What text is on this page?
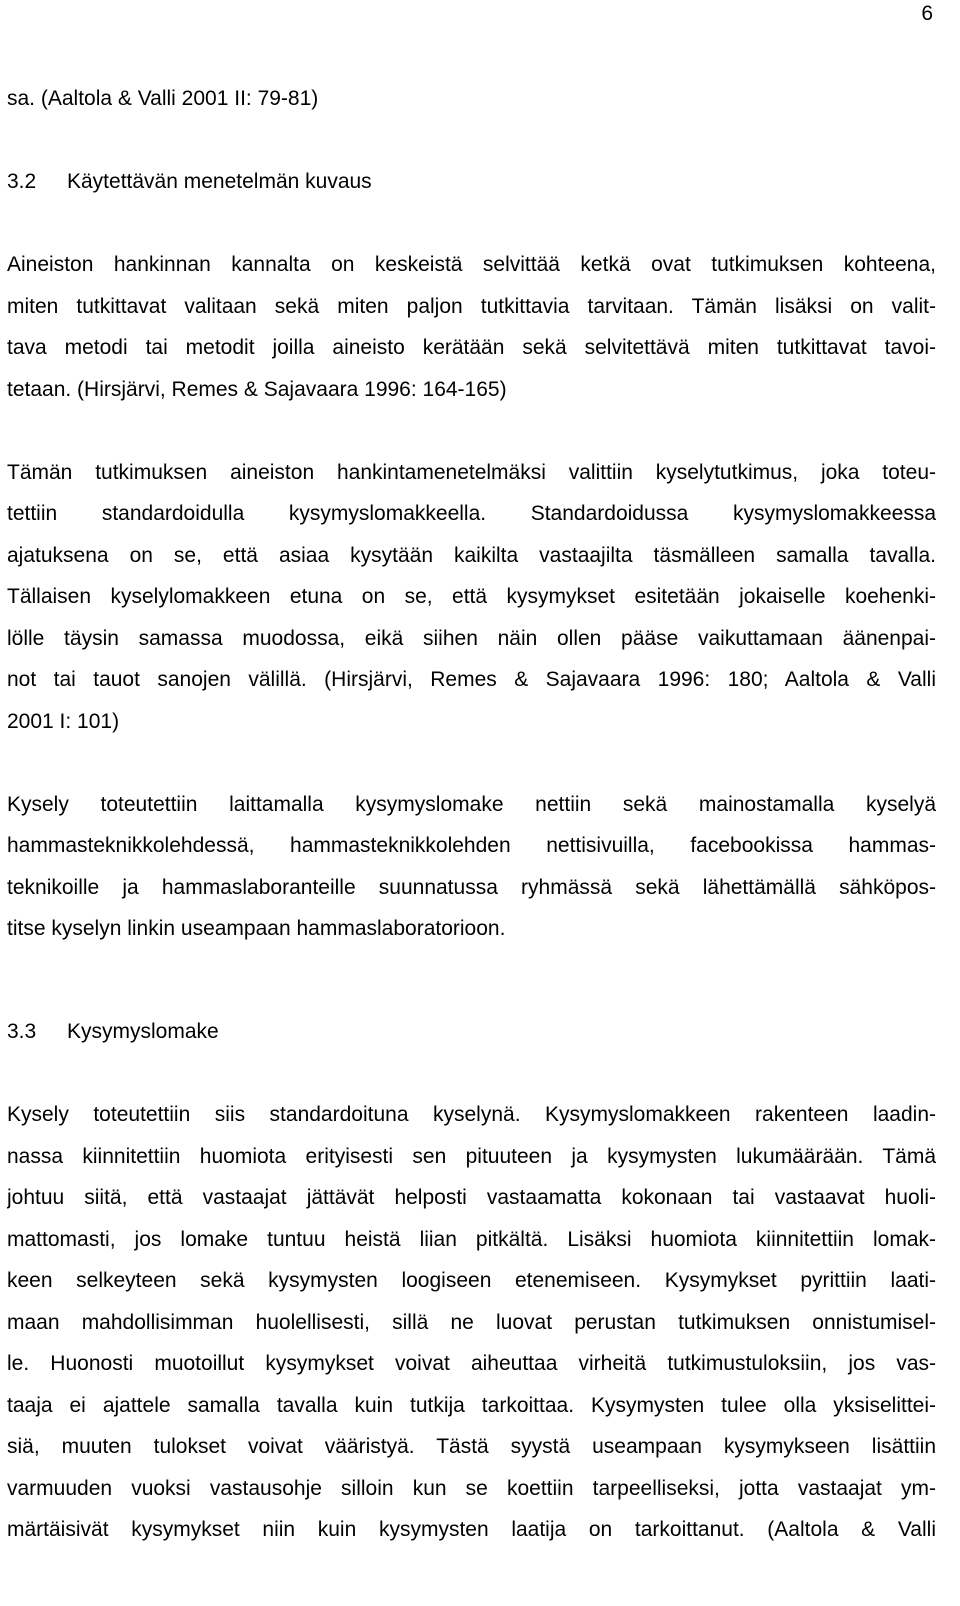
6
sa. (Aaltola & Valli 2001 II: 79-81)
3.2 Käytettävän menetelmän kuvaus
Aineiston hankinnan kannalta on keskeistä selvittää ketkä ovat tutkimuksen kohteena,
miten tutkittavat valitaan sekä miten paljon tutkittavia tarvitaan. Tämän lisäksi on valit-
tava metodi tai metodit joilla aineisto kerätään sekä selvitettävä miten tutkittavat tavoi-
tetaan. (Hirsjärvi, Remes & Sajavaara 1996: 164-165)
Tämän tutkimuksen aineiston hankintamenetelmäksi valittiin kyselytutkimus, joka toteu-
tettiin standardoidulla kysymyslomakkeella. Standardoidussa kysymyslomakkeessa
ajatuksena on se, että asiaa kysytään kaikilta vastaajilta täsmälleen samalla tavalla.
Tällaisen kyselylomakkeen etuna on se, että kysymykset esitetään jokaiselle koehenki-
lölle täysin samassa muodossa, eikä siihen näin ollen pääse vaikuttamaan äänenpai-
not tai tauot sanojen välillä. (Hirsjärvi, Remes & Sajavaara 1996: 180; Aaltola & Valli
2001 I: 101)
Kysely toteutettiin laittamalla kysymyslomake nettiin sekä mainostamalla kyselyä
hammasteknikkolehdessä, hammasteknikkolehden nettisivuilla, facebookissa hammas-
teknikoille ja hammaslaboranteille suunnatussa ryhmässä sekä lähettämällä sähköpos-
titse kyselyn linkin useampaan hammaslaboratorioon.
3.3 Kysymyslomake
Kysely toteutettiin siis standardoituna kyselynä. Kysymyslomakkeen rakenteen laadin-
nassa kiinnitettiin huomiota erityisesti sen pituuteen ja kysymysten lukumäärään. Tämä
johtuu siitä, että vastaajat jättävät helposti vastaamatta kokonaan tai vastaavat huoli-
mattomasti, jos lomake tuntuu heistä liian pitkältä. Lisäksi huomiota kiinnitettiin lomak-
keen selkeyteen sekä kysymysten loogiseen etenemiseen. Kysymykset pyrittiin laati-
maan mahdollisimman huolellisesti, sillä ne luovat perustan tutkimuksen onnistumisel-
le. Huonosti muotoillut kysymykset voivat aiheuttaa virheitä tutkimustuloksiin, jos vas-
taaja ei ajattele samalla tavalla kuin tutkija tarkoittaa. Kysymysten tulee olla yksiselittei-
siä, muuten tulokset voivat vääristyä. Tästä syystä useampaan kysymykseen lisättiin
varmuuden vuoksi vastausohje silloin kun se koettiin tarpeelliseksi, jotta vastaajat ym-
märtäisivät kysymykset niin kuin kysymysten laatija on tarkoittanut. (Aaltola & Valli
